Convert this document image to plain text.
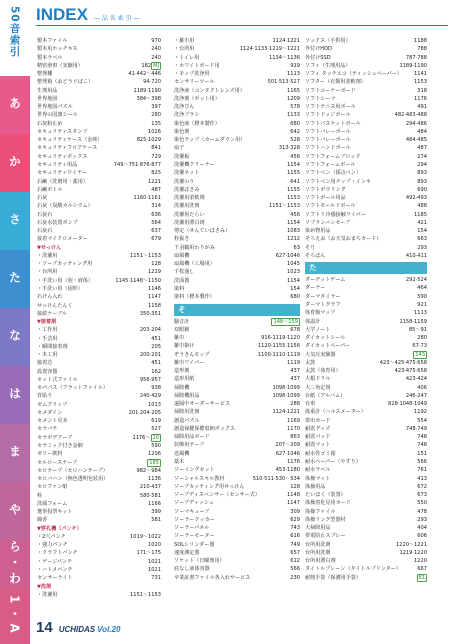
50音索引
あ
か
さ
た
な
は
ま
や
ら・わ
1・A
INDEX ― 品 名 索 引 ―
製本ファイル	970
製本用ホッチキス	240
製本ラベル	240
精密滑車（実験用）	182 MJ
整理棚	41·442〜446
整理箱（おどうぐばこ）	94·720
生理用品	1189·1190
世界地図	384〜398
世界地図パズル	397
世界の国旗シール	280
石灰粉止め	135
セキュリティスタンプ	1026
セキュリティケース（金庫）	825·1029
セキュリティフロアケース	841
セキュリティボックス	729
セキュリティ用品	749〜751·876·877
セキュリティワイヤー	825
石鹸（洗剤用・薬用）	1221
石鹸ボトル	487
石灰	1160·1161
石灰（炭酸カルシウム）	314
石灰石	636
石灰水装置ポンプ	564
石灰石	637
接着マイクロメーター	679
▼せっけん
・洗濯用	1151〜1153
・ソープカッティング用	128
・台所用	1219
・手洗い用（泡・液体）	1145·1148〜1150
・手洗い用（固形）	1146
石けん入れ	1147
せっけんたんく	1158
接続ケーブル	350·351
▼接着剤
・工作用	203·204
・手芸用	451
・瞬間接着剤	205
・木工用	200·201
接着芯	451
設置容器	162
セット式ファイル	956·957
セパバス（フラットファイル）	938
背貼り	240·429
ゼムクリップ	1013
セメダイン	201·204·205
セメント見本	619
セラバテ	527
セラボデアーブ	1176〜 20
セラミック付き金網	590
ゼリー飲料	1206
セルローステープ	185
セロテープ（セロハンテープ）	982〜984
セロバハン（無色透明包装用）	1136
セロファン紙	210·437
栓	580·581
洗顔フォーム	1166
選挙投票キット	399
線香	581
▼穿孔機（パンチ）
・2穴パンチ	1019〜1022
・強力パンチ	1020
・クラフトパンチ	171〜175
・ゲージパンチ	1021
・ハトメパンチ	1021
センサーライト	731
▼洗剤
・洗濯用	1151〜1153
・雑巾用	1124·1221
・台所用	1124·1133·1219〜1221
・トイレ用	1134〜1136
・ホワイトボード用	919
・モップ洗浄用	1113
センサリーツール	501·513·527
洗浄液（コンタクトレンズ用）	1165
洗浄剤（ポット用）	1209
洗浄びん	578
洗浄ブラシ	1133
染色液（標本製作）	680
染色剤	642
染色ラップ（カームダウン用）	528
扇子	313·328
洗濯板	456
洗濯機クリーナー	1154
洗濯ネット	1155
洗濯のり	641
洗濯ばさみ	1155
洗濯用柔軟剤	1153
洗濯用洗剤	1151〜1153
洗濯用たらい	456
洗濯用漂白剤	1154
剪定（せんていばさみ）	1083
栓抜き	1212
千羽鶴用わりがみ	63
扇風機	627·1046
扇風機（工場用）	1045
千枚通し	1023
洗面器	1154
染料	154
染料（標本製作）	680
そ
騒音計	148〜159
双眼鏡	678
雑巾	916·1119·1120
雑巾掛け	1120·1155·1156
ぞうきんモップ	1100·1110·1119
雑巾ワイパー	1119
造形剤	437
造形用紙	437
掃除機	1098·1099
掃除機用品	1098·1099
遠隔中オーダーサービス	288
掃除用洗剤	1124·1221
創造パズル	1169
創造保健保健収納ボックス	1170
掃除用品ボード	863
装飾用テープ	207〜209
送風機	627·1046
薬木	1176
ソーイングセット	453·1180
ソーシャルスキル教材	510·511·530〜534
ソープカッティング用せっけん	128
ソープディスペンサー（センサー式）	1148
ソープディッシュ	1147
ソーマキューブ	309
ソーラークッカー	629
ソーラーパネル	743
ソーラーモーター	616
SOLシリンダー器	749
速度測定器	657
ソケット（日曜理用）	612
底なし液体容器	566
卒業証書ファイル各入れサービス	230
ソックス（手供用）	1188
外付けHDD	788
外付けSSD	787·788
ソフィ（生理用品）	1189·1190
ソフィ タッチエコ（ティッシュペーパー）	1141
ソフター（衣類用柔軟剤）	1153
ソフトコーナーボード	318
ソフトシーマ	1176
ソフトテニス用ボール	491
ソフトドッジボール	482·483·488
ソフトバスケットボール	294·486
ソフトバレーボール	484
ソフトバレーボール	484·485
ソフトハンドボール	487
ソフトフォームブロック	274
ソフトフォームボール	294
ソフトペン（採点ペン）	893
ソフトペン用チップ・インキ	893
ソフトボウリング	690
ソフトボール用品	492·493
ソフトモールドボール	488
ソフトリ冷感接触ワイパー	1185
ソプランバンセーブ	421
染め物用品	154
そろえお（お天気おまちカード）	663
そり	293
そろばん	410·411
た
ダーゲットゲーム	292·524
ダーナー	464
ダーマタイラー	590
ダーマトグラフ	921
体育館マップ	1113
体温計	1158·1159
大学ノート	85〜91
ダイカットシール	280
ダイカットペーパー	67·73
大気圧実験器	143
太鼓	423〜425·475·658
太鼓（体育用）	423·475·658
大根ドリル	423·424
大三角定規	406
台紙（アルバム）	246·247
台車	828·1048·1049
体重計（ヘルスメーター）	1192
帯出カード	554
耐震グッズ	748·749
耐震パッド	748
耐震マット	748
耐水性ゴミ箱	151
耐水ペーパー（やすり）	566
耐水ラベル	761
体操マット	413
体操用品	672
たいほく（装置）	673
体操着化見用カード	550
体操ファイル	478
体操リング型器材	293
大掃除用品	404
帯電防止スプレー	606
台所用洗剤	1220〜1221
台所用洗剤	1219·1220
台所用漂白剤	1220
タイトルプレーン（タイトルプリンター）	667
耐熱手袋（保護用手袋）	81
14 UCHIDAS Vol.20
